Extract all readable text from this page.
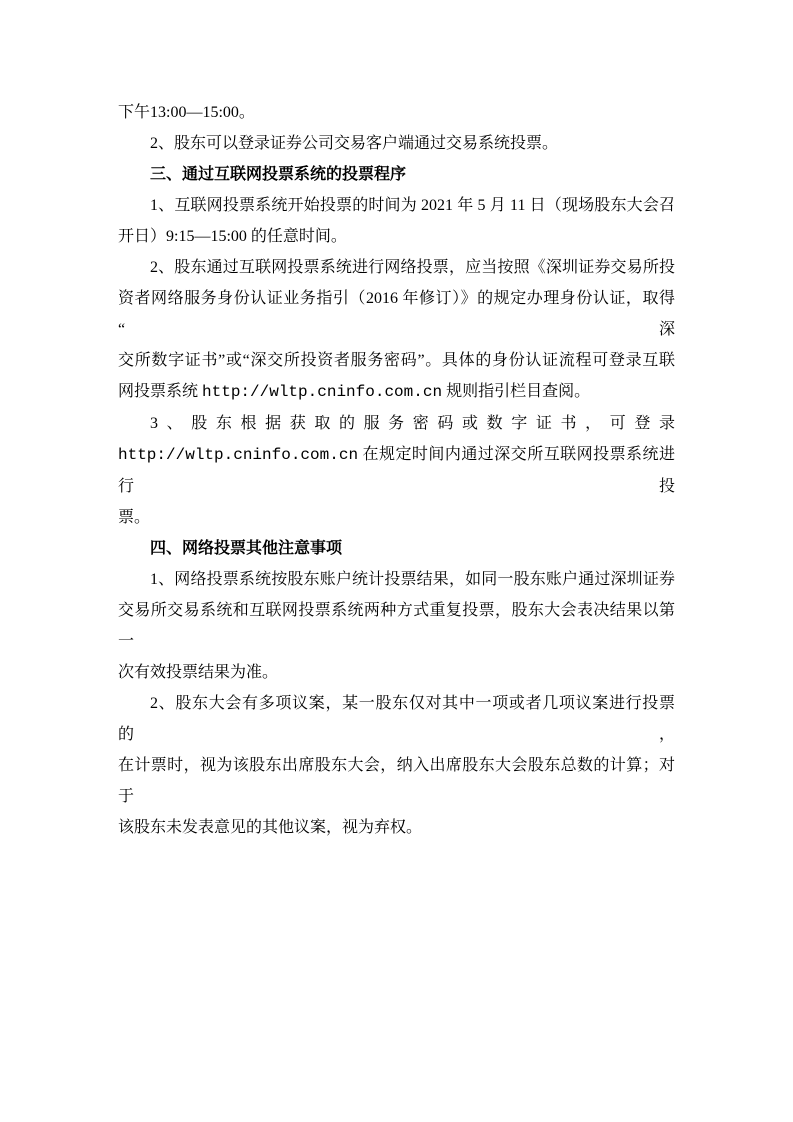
下午13:00—15:00。
2、股东可以登录证券公司交易客户端通过交易系统投票。
三、通过互联网投票系统的投票程序
1、互联网投票系统开始投票的时间为 2021 年 5 月 11 日（现场股东大会召
开日）9:15—15:00 的任意时间。
2、股东通过互联网投票系统进行网络投票，应当按照《深圳证券交易所投
资者网络服务身份认证业务指引（2016 年修订）》的规定办理身份认证，取得“深
交所数字证书”或“深交所投资者服务密码”。具体的身份认证流程可登录互联
网投票系统 http://wltp.cninfo.com.cn 规则指引栏目查阅。
3、股东根据获取的服务密码或数字证书，可登录
http://wltp.cninfo.com.cn 在规定时间内通过深交所互联网投票系统进行投
票。
四、网络投票其他注意事项
1、网络投票系统按股东账户统计投票结果，如同一股东账户通过深圳证券
交易所交易系统和互联网投票系统两种方式重复投票，股东大会表决结果以第一
次有效投票结果为准。
2、股东大会有多项议案，某一股东仅对其中一项或者几项议案进行投票的，
在计票时，视为该股东出席股东大会，纳入出席股东大会股东总数的计算；对于
该股东未发表意见的其他议案，视为弃权。
